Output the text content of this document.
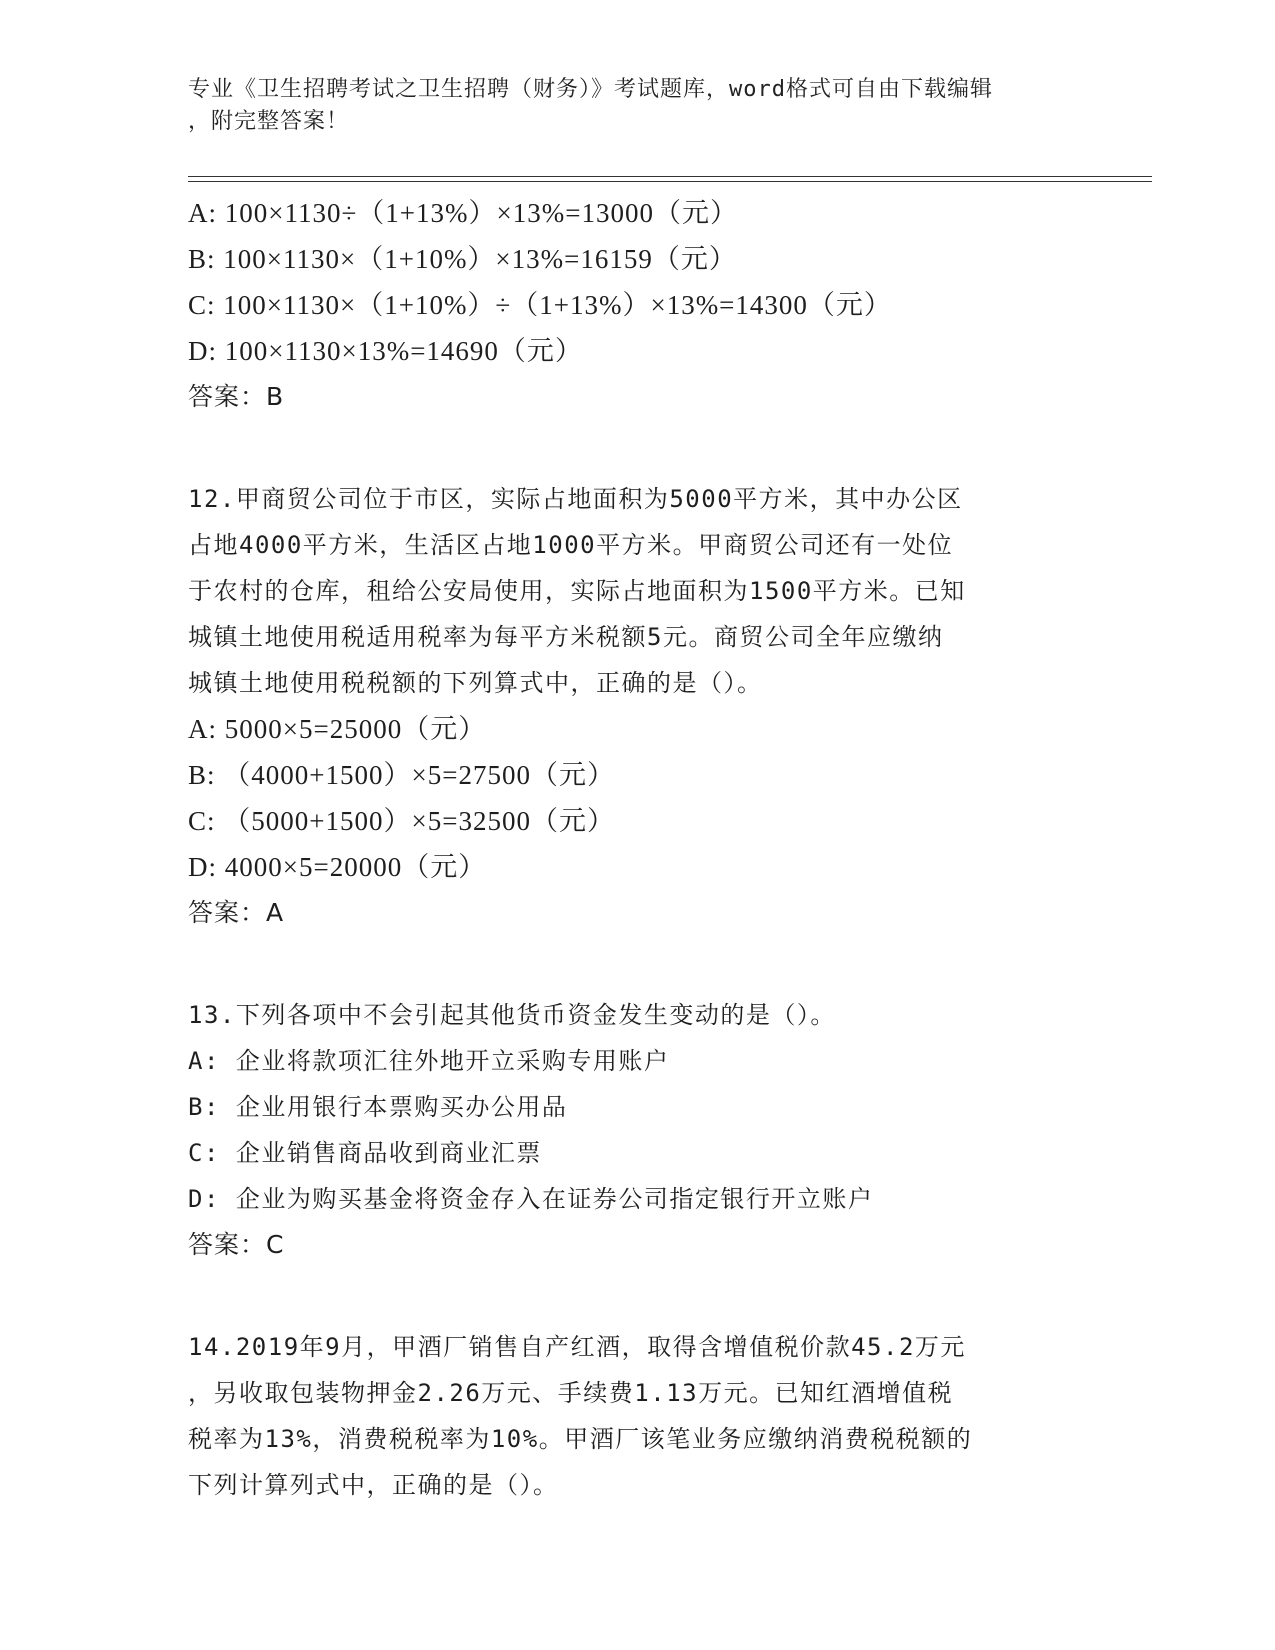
专业《卫生招聘考试之卫生招聘（财务）》考试题库，word格式可自由下载编辑
，附完整答案！
A: 100×1130÷（1+13%）×13%=13000（元）
B: 100×1130×（1+10%）×13%=16159（元）
C: 100×1130×（1+10%）÷（1+13%）×13%=14300（元）
D: 100×1130×13%=14690（元）
答案：B
12.甲商贸公司位于市区，实际占地面积为5000平方米，其中办公区
占地4000平方米，生活区占地1000平方米。甲商贸公司还有一处位
于农村的仓库，租给公安局使用，实际占地面积为1500平方米。已知
城镇土地使用税适用税率为每平方米税额5元。商贸公司全年应缴纳
城镇土地使用税税额的下列算式中，正确的是（）。
A: 5000×5=25000（元）
B: （4000+1500）×5=27500（元）
C: （5000+1500）×5=32500（元）
D: 4000×5=20000（元）
答案：A
13.下列各项中不会引起其他货币资金发生变动的是（）。
A: 企业将款项汇往外地开立采购专用账户
B: 企业用银行本票购买办公用品
C: 企业销售商品收到商业汇票
D: 企业为购买基金将资金存入在证券公司指定银行开立账户
答案：C
14.2019年9月，甲酒厂销售自产红酒，取得含增值税价款45.2万元
，另收取包装物押金2.26万元、手续费1.13万元。已知红酒增值税
税率为13%，消费税税率为10%。甲酒厂该笔业务应缴纳消费税税额的
下列计算列式中，正确的是（）。
